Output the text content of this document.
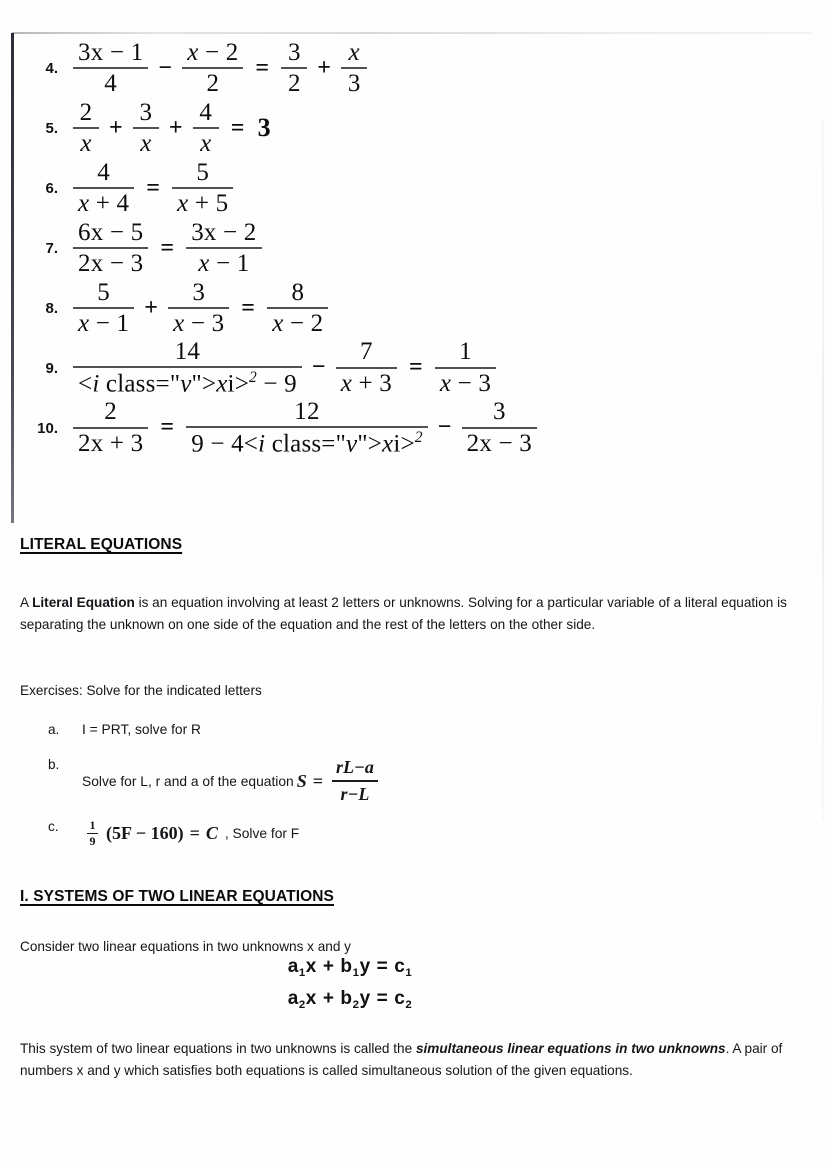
4. $\frac{3x - 1}{4} - \frac{x - 2}{2} = \frac{3}{2} + \frac{x}{3}$
5. $\frac{2}{x} + \frac{3}{x} + \frac{4}{x} = 3$
6. $\frac{4}{x + 4} = \frac{5}{x + 5}$
7. $\frac{6x - 5}{2x - 3} = \frac{3x - 2}{x - 1}$
8. $\frac{5}{x - 1} + \frac{3}{x - 3} = \frac{8}{x - 2}$
9. $\frac{14}{<i class="v">xi>^2 - 9} - \frac{7}{x + 3} = \frac{1}{x - 3}$
10. $\frac{2}{2x + 3} = \frac{12}{9 - 4<i class="v">xi>^2} - \frac{3}{2x - 3}$
LITERAL EQUATIONS
A Literal Equation is an equation involving at least 2 letters or unknowns. Solving for a particular variable of a literal equation is separating the unknown on one side of the equation and the rest of the letters on the other side.
Exercises: Solve for the indicated letters
a.	I = PRT, solve for R
b.
Solve for L, r and a of the equation $S = \frac{rL-a}{r-L}$
c.	$\frac{1}{9} (5F - 160) = C$ , Solve for F
I. SYSTEMS OF TWO LINEAR EQUATIONS
Consider two linear equations in two unknowns x and y
$a_1x + b_1y = c_1$
$a_2x + b_2y = c_2$
This system of two linear equations in two unknowns is called the simultaneous linear equations in two unknowns. A pair of numbers x and y which satisfies both equations is called simultaneous solution of the given equations.
